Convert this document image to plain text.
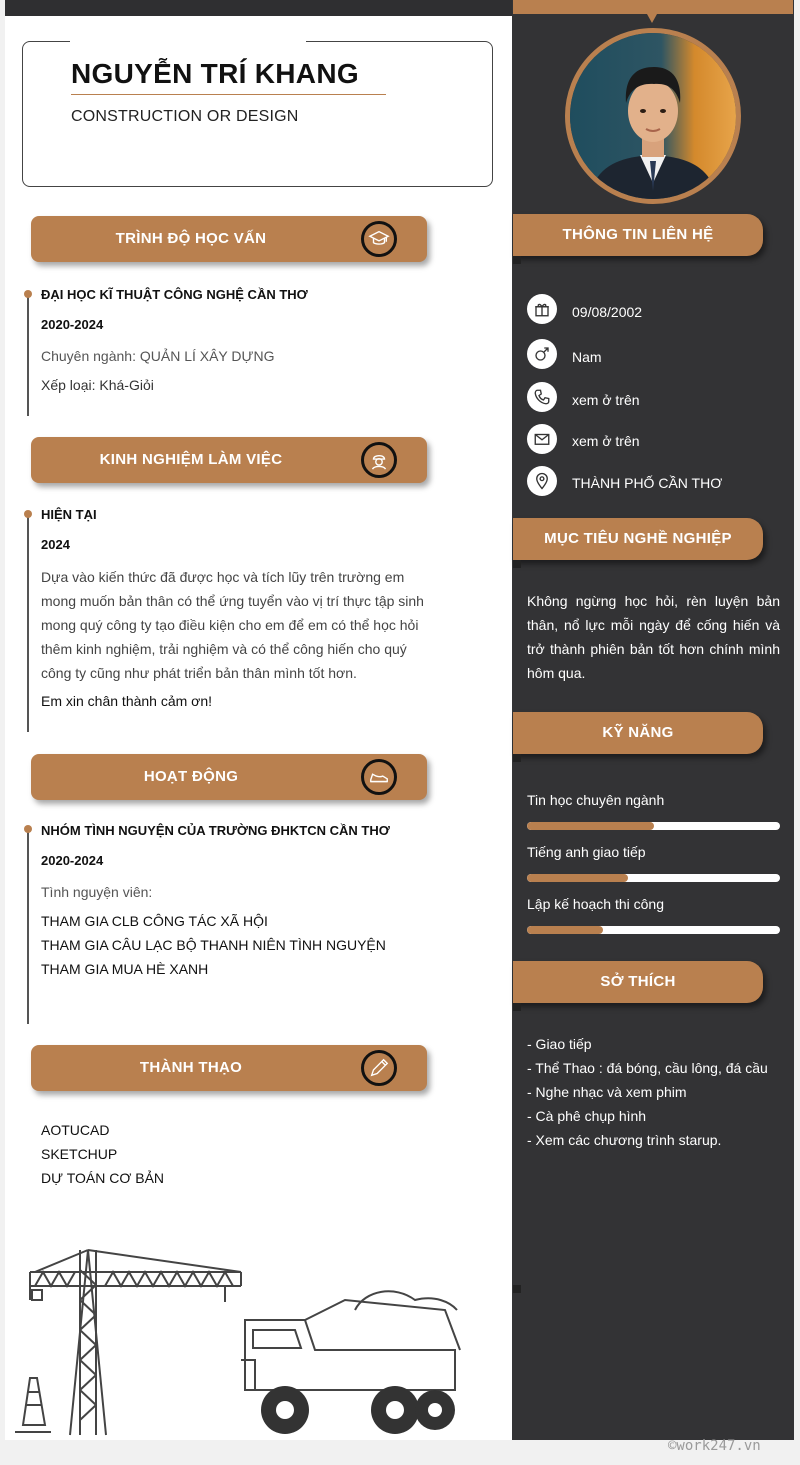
NGUYỄN TRÍ KHANG
CONSTRUCTION OR DESIGN
TRÌNH ĐỘ HỌC VẤN
ĐẠI HỌC KĨ THUẬT CÔNG NGHỆ CẦN THƠ
2020-2024
Chuyên ngành: QUẢN LÍ XÂY DỰNG
Xếp loại: Khá-Giỏi
KINH NGHIỆM LÀM VIỆC
HIỆN TẠI
2024
Dựa vào kiến thức đã được học và tích lũy trên trường em
mong muốn bản thân có thể ứng tuyển vào vị trí thực tập sinh
mong quý công ty tạo điều kiện cho em để em có thể học hỏi
thêm kinh nghiệm, trải nghiệm và có thể công hiến cho quý
công ty cũng như phát triển bản thân mình tốt hơn.
Em xin chân thành cảm ơn!
HOẠT ĐỘNG
NHÓM TÌNH NGUYỆN CỦA TRƯỜNG ĐHKTCN CẦN THƠ
2020-2024
Tình nguyện viên:
THAM GIA CLB CÔNG TÁC XÃ HỘI
THAM GIA CÂU LẠC BỘ THANH NIÊN TÌNH NGUYỆN
THAM GIA MUA HÈ XANH
THÀNH THẠO
AOTUCAD
SKETCHUP
DỰ TOÁN CƠ BẢN
THÔNG TIN LIÊN HỆ
09/08/2002
Nam
xem ở trên
xem ở trên
THÀNH PHỐ CẦN THƠ
MỤC TIÊU NGHỀ NGHIỆP
Không ngừng học hỏi, rèn luyện bản thân, nổ lực mỗi ngày để cống hiến và trở thành phiên bản tốt hơn chính mình hôm qua.
KỸ NĂNG
Tin học chuyên ngành
Tiếng anh giao tiếp
Lập kế hoạch thi công
SỞ THÍCH
- Giao tiếp
- Thể Thao : đá bóng, cầu lông, đá cầu
- Nghe nhạc và xem phim
- Cà phê chụp hình
- Xem các chương trình starup.
©work247.vn
